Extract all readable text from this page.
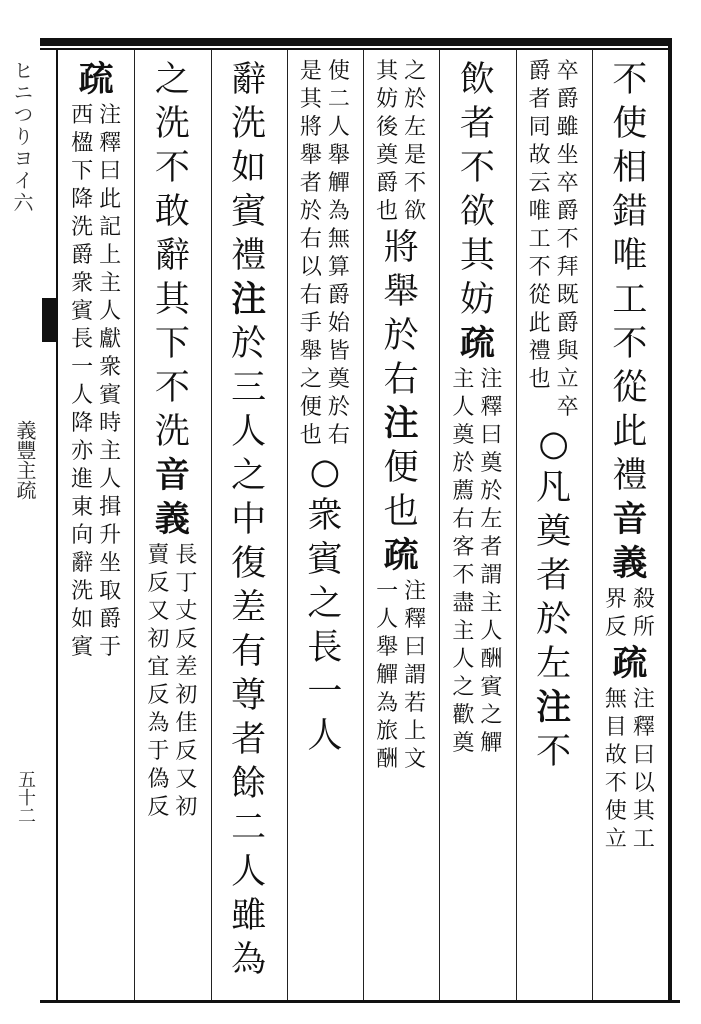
ヒニつりヨイ六
義豐主疏
五十二
不
使
相
錯
唯
工
不
從
此
禮
音
義
殺
所
界
反
疏
注
釋
曰
以
其
工
無
目
故
不
使
立
卒
爵
雖
坐
卒
爵
不
拜
既
爵
與
立
卒
爵
者
同
故
云
唯
工
不
從
此
禮
也
○
凡
奠
者
於
左
注
不
飲
者
不
欲
其
妨
疏
注
釋
曰
奠
於
左
者
謂
主
人
酬
賓
之
觶
主
人
奠
於
薦
右
客
不
盡
主
人
之
歡
奠
之
於
左
是
不
欲
其
妨
後
奠
爵
也
將
舉
於
右
注
便
也
疏
注
釋
曰
謂
若
上
文
一
人
舉
觶
為
旅
酬
使
二
人
舉
觶
為
無
算
爵
始
皆
奠
於
右
是
其
將
舉
者
於
右
以
右
手
舉
之
便
也
○
衆
賓
之
長
一
人
辭
洗
如
賓
禮
注
於
三
人
之
中
復
差
有
尊
者
餘
二
人
雖
為
之
洗
不
敢
辭
其
下
不
洗
音
義
長
丁
丈
反
差
初
佳
反
又
初
賣
反
又
初
宜
反
為
于
偽
反
疏
注
釋
曰
此
記
上
主
人
獻
衆
賓
時
主
人
揖
升
坐
取
爵
于
西
楹
下
降
洗
爵
衆
賓
長
一
人
降
亦
進
東
向
辭
洗
如
賓
